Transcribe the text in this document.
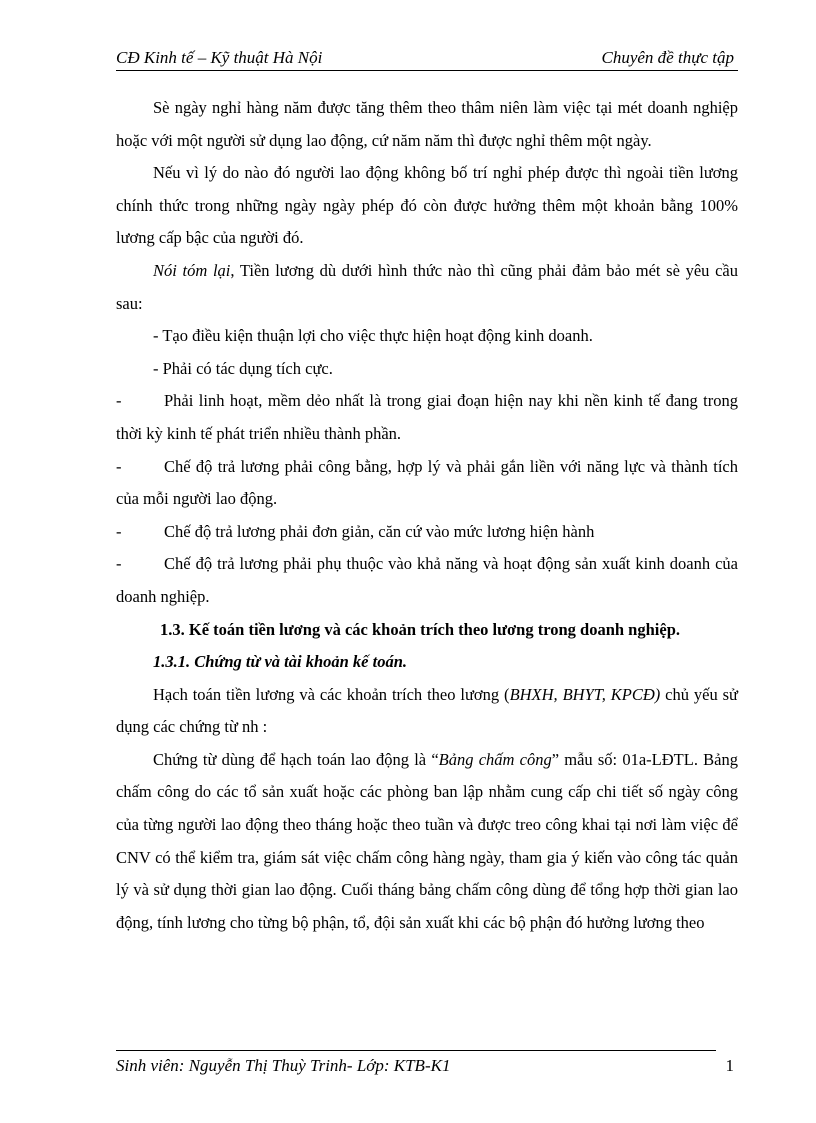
CĐ Kinh tế – Kỹ thuật Hà Nội	Chuyên đề thực tập

Sè ngày nghỉ hàng năm được tăng thêm theo thâm niên làm việc tại mét doanh nghiệp hoặc với một người sử dụng lao động, cứ năm năm thì được nghỉ thêm một ngày.

Nếu vì lý do nào đó người lao động không bố trí nghỉ phép được thì ngoài tiền lương chính thức trong những ngày ngày phép đó còn được hưởng thêm một khoản bằng 100% lương cấp bậc của người đó.

Nói tóm lại, Tiền lương dù dưới hình thức nào thì cũng phải đảm bảo mét sè yêu cầu sau:

- Tạo điều kiện thuận lợi cho việc thực hiện hoạt động kinh doanh.

- Phải có tác dụng tích cực.

-	Phải linh hoạt, mềm dẻo nhất là trong giai đoạn hiện nay khi nền kinh tế đang trong thời kỳ kinh tế phát triển nhiều thành phần.

-	Chế độ trả lương phải công bằng, hợp lý và phải gắn liền với năng lực và thành tích của mỗi người lao động.

-	Chế độ trả lương phải đơn giản, căn cứ vào mức lương hiện hành

-	Chế độ trả lương phải phụ thuộc vào khả năng và hoạt động sản xuất kinh doanh của doanh nghiệp.

1.3. Kế toán tiền lương và các khoản trích theo lương trong doanh nghiệp.

1.3.1. Chứng từ và tài khoản kế toán.

Hạch toán tiền lương và các khoản trích theo lương (BHXH, BHYT, KPCĐ) chủ yếu sử dụng các chứng từ nh :

Chứng từ dùng để hạch toán lao động là “Bảng chấm công” mẫu số: 01a-LĐTL. Bảng chấm công do các tổ sản xuất hoặc các phòng ban lập nhằm cung cấp chi tiết số ngày công của từng người lao động theo tháng hoặc theo tuần và được treo công khai tại nơi làm việc để CNV có thể kiểm tra, giám sát việc chấm công hàng ngày, tham gia ý kiến vào công tác quản lý và sử dụng thời gian lao động. Cuối tháng bảng chấm công dùng để tổng hợp thời gian lao động, tính lương cho từng bộ phận, tổ, đội sản xuất khi các bộ phận đó hưởng lương theo

Sinh viên: Nguyễn Thị Thuỳ Trinh- Lớp: KTB-K1	1
